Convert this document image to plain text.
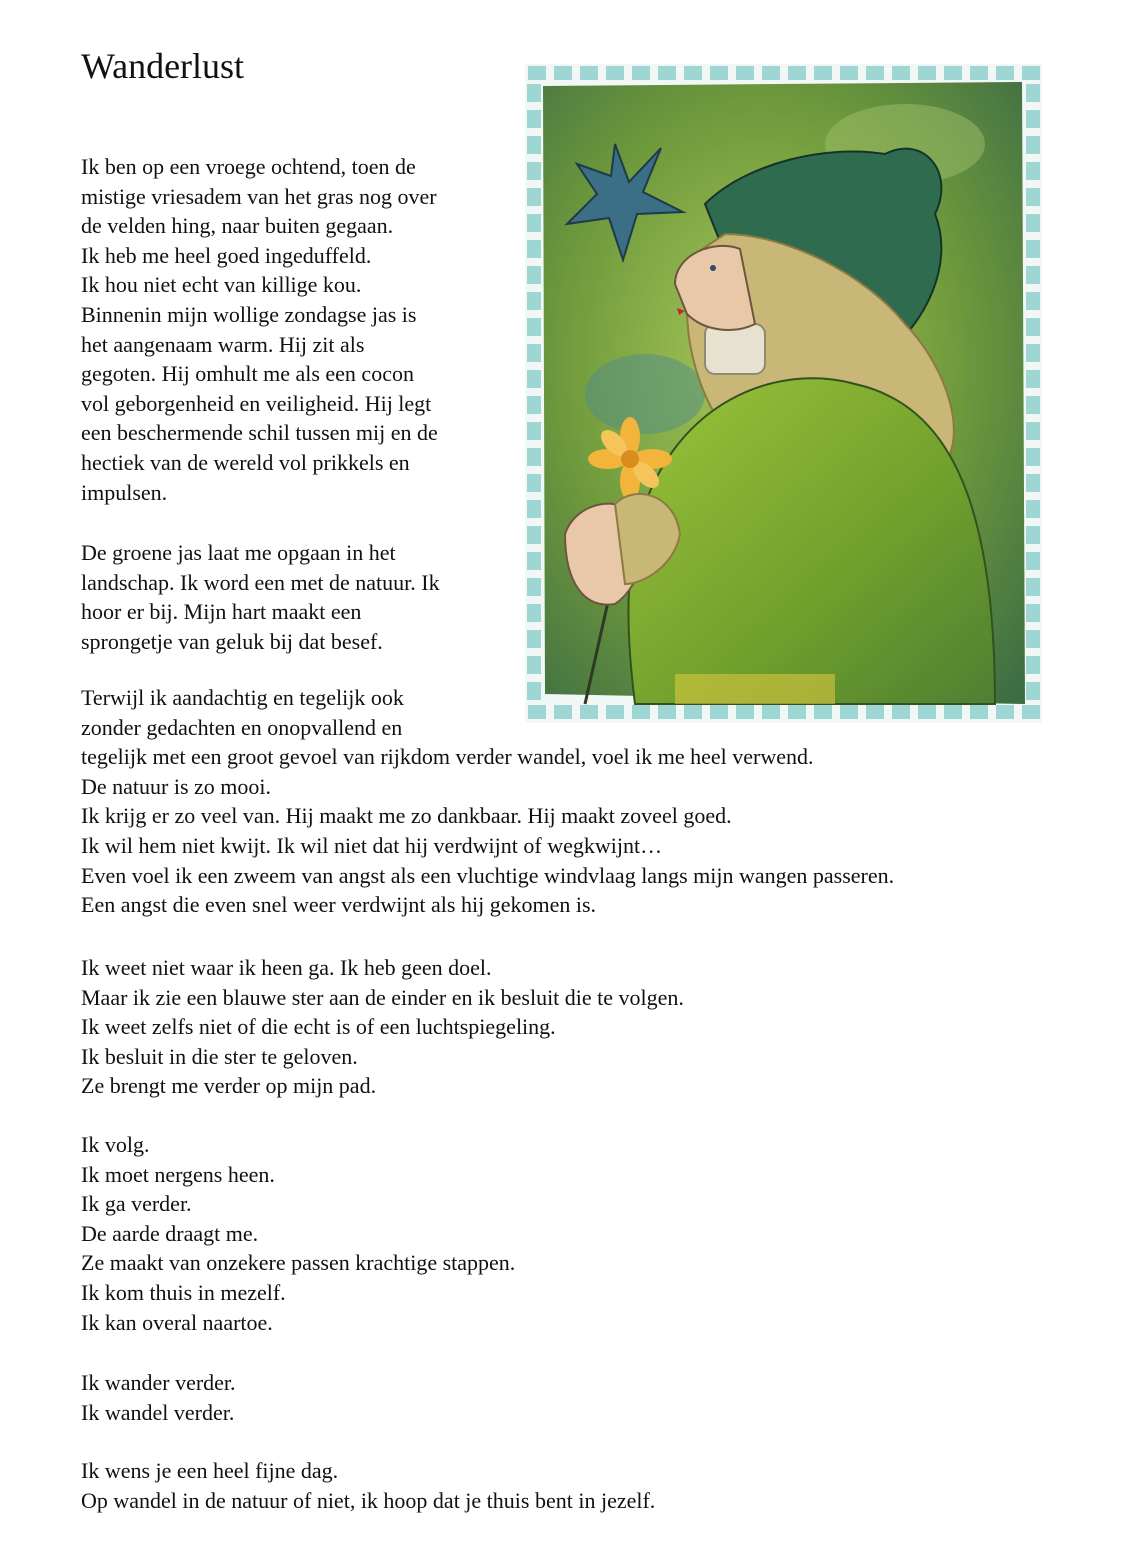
Wanderlust

Ik ben op een vroege ochtend, toen de

mistige vriesadem van het gras nog over

de velden hing, naar buiten gegaan.

Ik heb me heel goed ingeduffeld.

Ik hou niet echt van killige kou.

Binnenin mijn wollige zondagse jas is

het aangenaam warm. Hij zit als

gegoten. Hij omhult me als een cocon

vol geborgenheid en veiligheid. Hij legt

een beschermende schil tussen mij en de

hectiek van de wereld vol prikkels en

impulsen.

De groene jas laat me opgaan in het

landschap. Ik word een met de natuur. Ik

hoor er bij. Mijn hart maakt een

sprongetje van geluk bij dat besef.

Terwijl ik aandachtig en tegelijk ook

zonder gedachten en onopvallend en

tegelijk met een groot gevoel van rijkdom verder wandel, voel ik me heel verwend.

De natuur is zo mooi.

Ik krijg er zo veel van. Hij maakt me zo dankbaar. Hij maakt zoveel goed.

Ik wil hem niet kwijt. Ik wil niet dat hij verdwijnt of wegkwijnt…

Even voel ik een zweem van angst als een vluchtige windvlaag langs mijn wangen passeren.

Een angst die even snel weer verdwijnt als hij gekomen is.

Ik weet niet waar ik heen ga. Ik heb geen doel.

Maar ik zie een blauwe ster aan de einder en ik besluit die te volgen.

Ik weet zelfs niet of die echt is of een luchtspiegeling.

Ik besluit in die ster te geloven.

Ze brengt me verder op mijn pad.

Ik volg.

Ik moet nergens heen.

Ik ga verder.

De aarde draagt me.

Ze maakt van onzekere passen krachtige stappen.

Ik kom thuis in mezelf.

Ik kan overal naartoe.

Ik wander verder.

Ik wandel verder.

Ik wens je een heel fijne dag.

Op wandel in de natuur of niet, ik hoop dat je thuis bent in jezelf.
